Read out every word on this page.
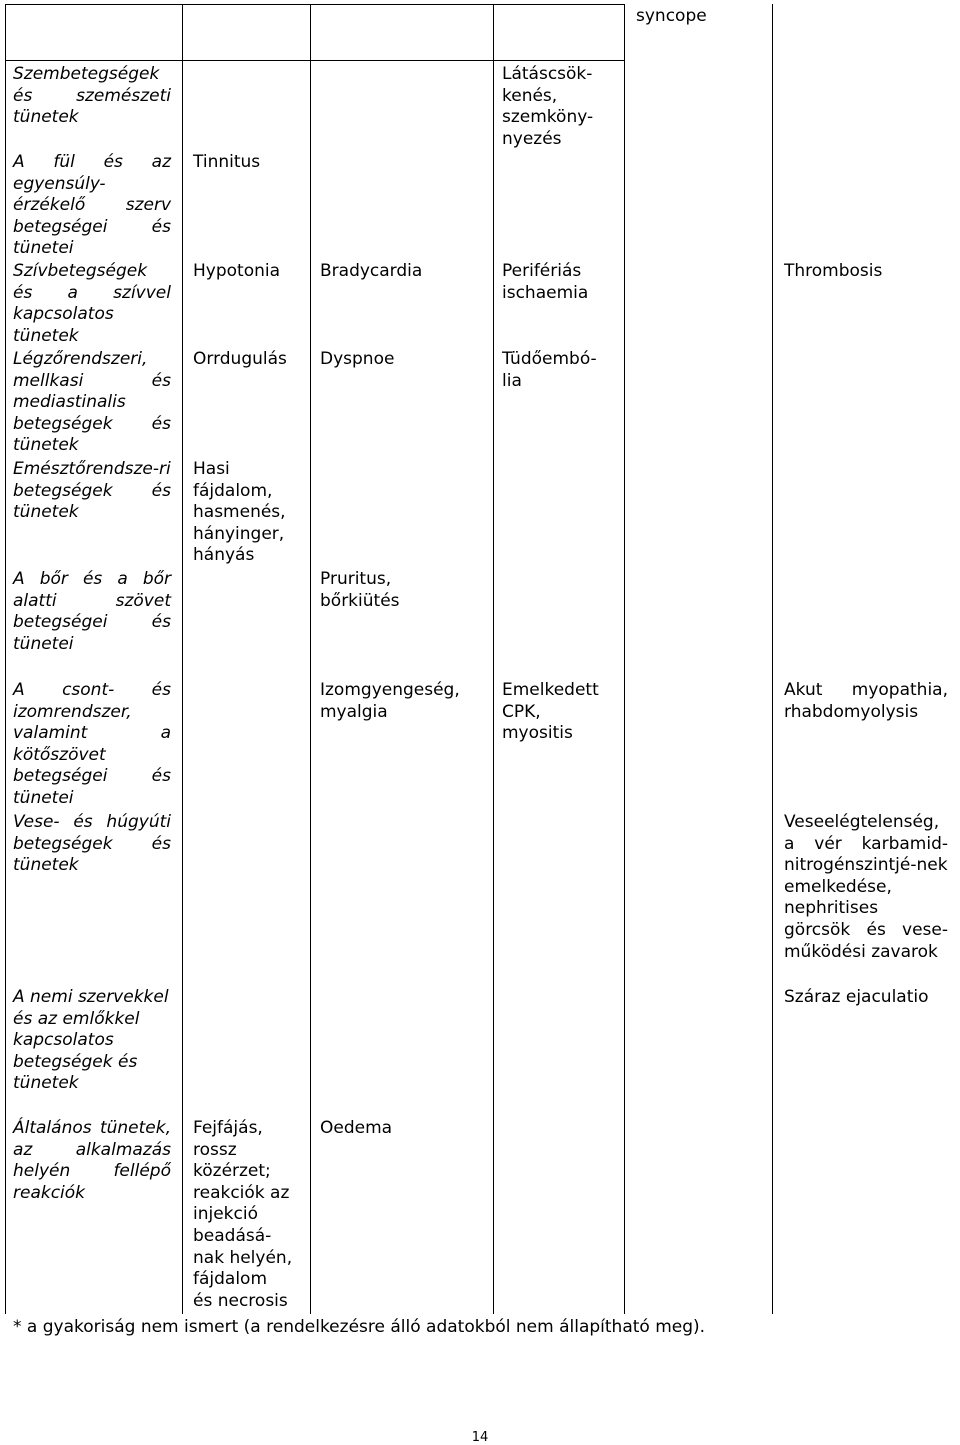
syncope
Szembetegségek és szemészeti tünetek
Látáscsök-
kenés,
szemköny-
nyezés
A fül és az egyensúly-érzékelő szerv betegségei és tünetei
Tinnitus
Szívbetegségek és a szívvel kapcsolatos tünetek
Hypotonia Bradycardia	Perifériás
ischaemia
Thrombosis
Légzőrendszeri, mellkasi és mediastinalis betegségek és tünetek
Orrdugulás Dyspnoe	Tüdőembó-
lia
Emésztőrendsze-ri betegségek és tünetek
Hasi
fájdalom,
hasmenés,
hányinger,
hányás
A bőr és a bőr alatti szövet betegségei és tünetei
Pruritus,
bőrkiütés
A csont- és izomrendszer, valamint a kötőszövet betegségei és tünetei
Izomgyengeség,
myalgia
Emelkedett
CPK,
myositis
Akut myopathia, rhabdomyolysis
Vese- és húgyúti betegségek és tünetek
Veseelégtelenség, a vér karbamid-nitrogénszintjé-nek emelkedése, nephritises görcsök és vese-működési zavarok
A nemi szervekkel és az emlőkkel kapcsolatos betegségek és tünetek
Száraz ejaculatio
Általános tünetek, az alkalmazás helyén fellépő reakciók
Fejfájás,
rossz
közérzet;
reakciók az
injekció
beadásá-
nak helyén,
fájdalom
és necrosis
Oedema
* a gyakoriság nem ismert (a rendelkezésre álló adatokból nem állapítható meg).
14
